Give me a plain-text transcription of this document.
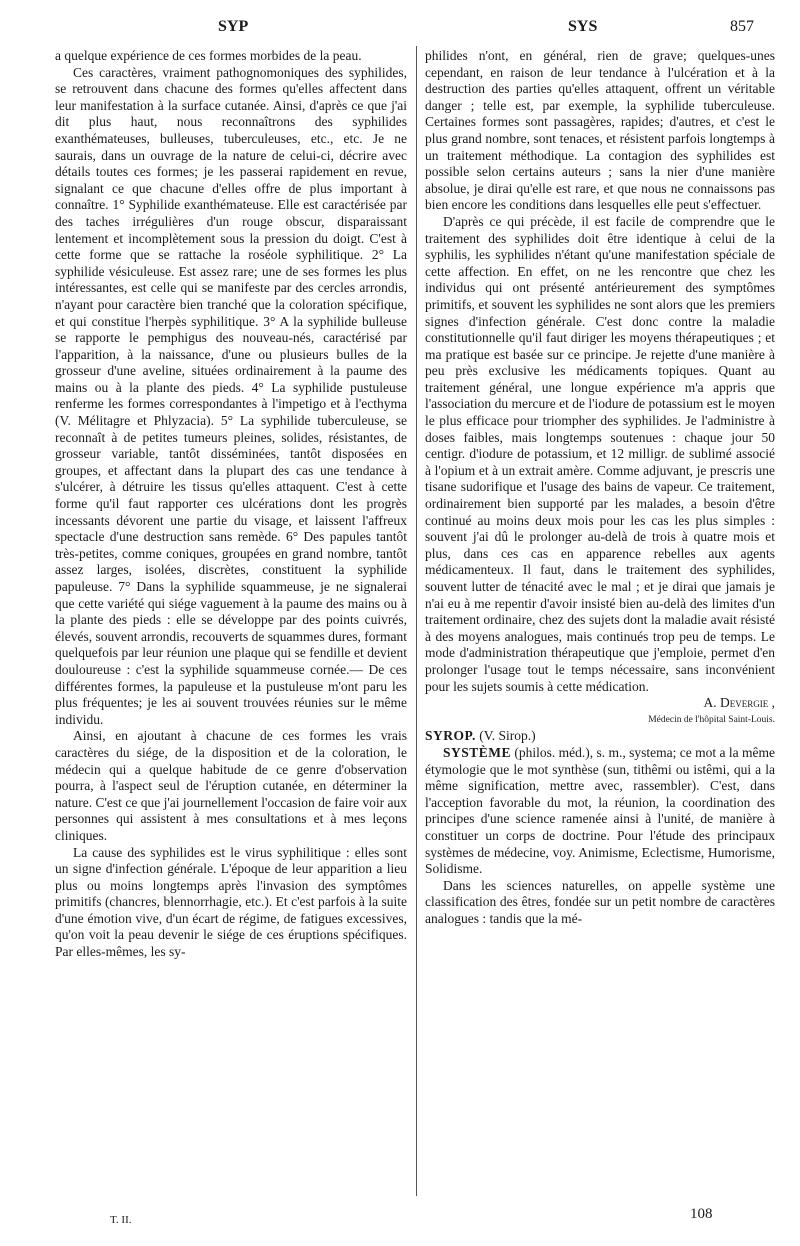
SYP	SYS	857

a quelque expérience de ces formes morbides de la peau.

Ces caractères, vraiment pathognomoniques des syphilides, se retrouvent dans chacune des formes qu'elles affectent dans leur manifestation à la surface cutanée. Ainsi, d'après ce que j'ai dit plus haut, nous reconnaîtrons des syphilides exanthémateuses, bulleuses, tuberculeuses, etc., etc. Je ne saurais, dans un ouvrage de la nature de celui-ci, décrire avec détails toutes ces formes; je les passerai rapidement en revue, signalant ce que chacune d'elles offre de plus important à connaître. 1° Syphilide exanthémateuse. Elle est caractérisée par des taches irrégulières d'un rouge obscur, disparaissant lentement et incomplètement sous la pression du doigt. C'est à cette forme que se rattache la roséole syphilitique. 2° La syphilide vésiculeuse. Est assez rare; une de ses formes les plus intéressantes, est celle qui se manifeste par des cercles arrondis, n'ayant pour caractère bien tranché que la coloration spécifique, et qui constitue l'herpès syphilitique. 3° A la syphilide bulleuse se rapporte le pemphigus des nouveau-nés, caractérisé par l'apparition, à la naissance, d'une ou plusieurs bulles de la grosseur d'une aveline, situées ordinairement à la paume des mains ou à la plante des pieds. 4° La syphilide pustuleuse renferme les formes correspondantes à l'impetigo et à l'ecthyma (V. Mélitagre et Phlyzacia). 5° La syphilide tuberculeuse, se reconnaît à de petites tumeurs pleines, solides, résistantes, de grosseur variable, tantôt disséminées, tantôt disposées en groupes, et affectant dans la plupart des cas une tendance à s'ulcérer, à détruire les tissus qu'elles attaquent. C'est à cette forme qu'il faut rapporter ces ulcérations dont les progrès incessants dévorent une partie du visage, et laissent l'affreux spectacle d'une destruction sans remède. 6° Des papules tantôt très-petites, comme coniques, groupées en grand nombre, tantôt assez larges, isolées, discrètes, constituent la syphilide papuleuse. 7° Dans la syphilide squammeuse, je ne signalerai que cette variété qui siége vaguement à la paume des mains ou à la plante des pieds : elle se développe par des points cuivrés, élevés, souvent arrondis, recouverts de squammes dures, formant quelquefois par leur réunion une plaque qui se fendille et devient douloureuse : c'est la syphilide squammeuse cornée.— De ces différentes formes, la papuleuse et la pustuleuse m'ont paru les plus fréquentes; je les ai souvent trouvées réunies sur le même individu.

Ainsi, en ajoutant à chacune de ces formes les vrais caractères du siége, de la disposition et de la coloration, le médecin qui a quelque habitude de ce genre d'observation pourra, à l'aspect seul de l'éruption cutanée, en déterminer la nature. C'est ce que j'ai journellement l'occasion de faire voir aux personnes qui assistent à mes consultations et à mes leçons cliniques.

La cause des syphilides est le virus syphilitique : elles sont un signe d'infection générale. L'époque de leur apparition a lieu plus ou moins longtemps après l'invasion des symptômes primitifs (chancres, blennorrhagie, etc.). Et c'est parfois à la suite d'une émotion vive, d'un écart de régime, de fatigues excessives, qu'on voit la peau devenir le siége de ces éruptions spécifiques. Par elles-mêmes, les sy-

philides n'ont, en général, rien de grave; quelques-unes cependant, en raison de leur tendance à l'ulcération et à la destruction des parties qu'elles attaquent, offrent un véritable danger ; telle est, par exemple, la syphilide tuberculeuse. Certaines formes sont passagères, rapides; d'autres, et c'est le plus grand nombre, sont tenaces, et résistent parfois longtemps à un traitement méthodique. La contagion des syphilides est possible selon certains auteurs ; sans la nier d'une manière absolue, je dirai qu'elle est rare, et que nous ne connaissons pas bien encore les conditions dans lesquelles elle peut s'effectuer.

D'après ce qui précède, il est facile de comprendre que le traitement des syphilides doit être identique à celui de la syphilis, les syphilides n'étant qu'une manifestation spéciale de cette affection. En effet, on ne les rencontre que chez les individus qui ont présenté antérieurement des symptômes primitifs, et souvent les syphilides ne sont alors que les premiers signes d'infection générale. C'est donc contre la maladie constitutionnelle qu'il faut diriger les moyens thérapeutiques ; et ma pratique est basée sur ce principe. Je rejette d'une manière à peu près exclusive les médicaments topiques. Quant au traitement général, une longue expérience m'a appris que l'association du mercure et de l'iodure de potassium est le moyen le plus efficace pour triompher des syphilides. Je l'administre à doses faibles, mais longtemps soutenues : chaque jour 50 centigr. d'iodure de potassium, et 12 milligr. de sublimé associé à l'opium et à un extrait amère. Comme adjuvant, je prescris une tisane sudorifique et l'usage des bains de vapeur. Ce traitement, ordinairement bien supporté par les malades, a besoin d'être continué au moins deux mois pour les cas les plus simples : souvent j'ai dû le prolonger au-delà de trois à quatre mois et plus, dans ces cas en apparence rebelles aux agents médicamenteux. Il faut, dans le traitement des syphilides, souvent lutter de ténacité avec le mal ; et je dirai que jamais je n'ai eu à me repentir d'avoir insisté bien au-delà des limites d'un traitement ordinaire, chez des sujets dont la maladie avait résisté à des moyens analogues, mais continués trop peu de temps. Le mode d'administration thérapeutique que j'emploie, permet d'en prolonger l'usage tout le temps nécessaire, sans inconvénient pour les sujets soumis à cette médication.

A. Devergie ,

Médecin de l'hôpital Saint-Louis.

SYROP. (V. Sirop.)

SYSTÈME (philos. méd.), s. m., systema; ce mot a la même étymologie que le mot synthèse (sun, tithêmi ou istêmi, qui a la même signification, mettre avec, rassembler). C'est, dans l'acception favorable du mot, la réunion, la coordination des principes d'une science ramenée ainsi à l'unité, de manière à constituer un corps de doctrine. Pour l'étude des principaux systèmes de médecine, voy. Animisme, Eclectisme, Humorisme, Solidisme.

Dans les sciences naturelles, on appelle système une classification des êtres, fondée sur un petit nombre de caractères analogues : tandis que la mé-

T. II.	108
